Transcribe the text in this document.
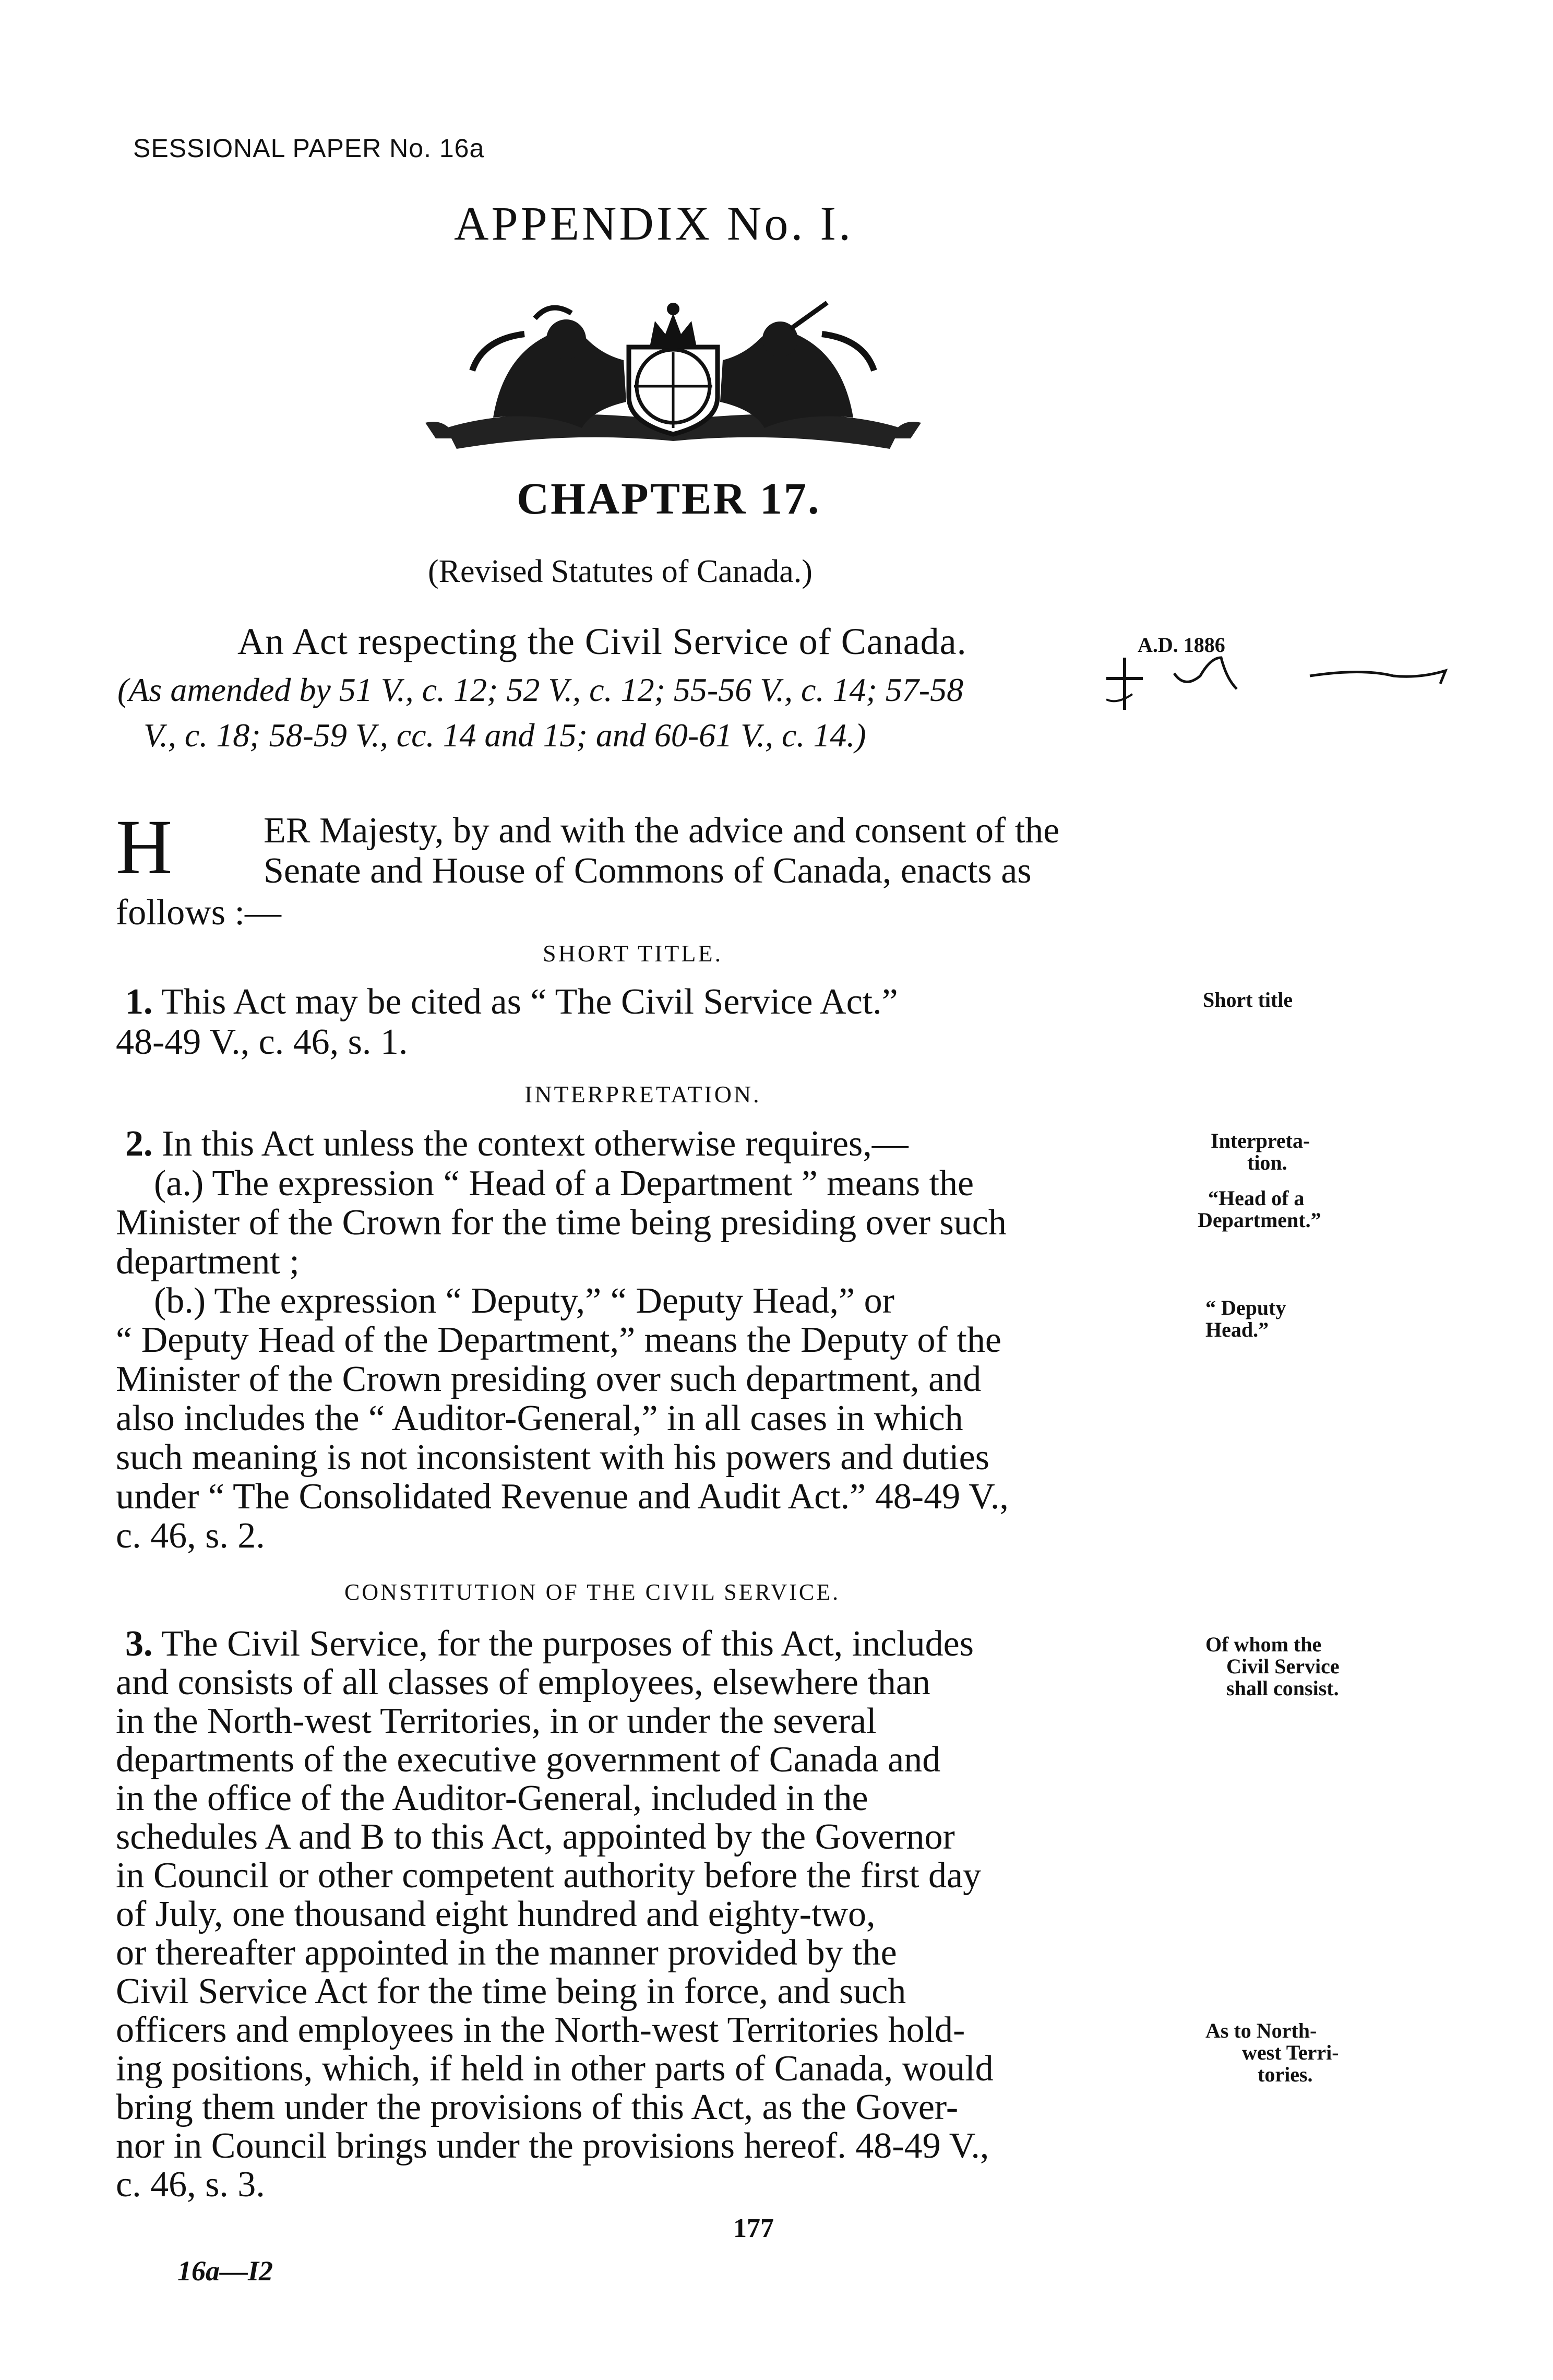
SESSIONAL PAPER No. 16a
APPENDIX No. I.
CHAPTER 17.
(Revised Statutes of Canada.)
An Act respecting the Civil Service of Canada.	A.D. 1886
(As amended by 51 V., c. 12; 52 V., c. 12; 55-56 V., c. 14; 57-58
V., c. 18; 58-59 V., cc. 14 and 15; and 60-61 V., c. 14.)
H ER Majesty, by and with the advice and consent of the
Senate and House of Commons of Canada, enacts as
follows :—
SHORT TITLE.
1. This Act may be cited as “ The Civil Service Act.”
48-49 V., c. 46, s. 1.
Short title
INTERPRETATION.
2. In this Act unless the context otherwise requires,—
(a.) The expression “ Head of a Department ” means the
Minister of the Crown for the time being presiding over such
department ;
(b.) The expression “ Deputy,” “ Deputy Head,” or
“ Deputy Head of the Department,” means the Deputy of the
Minister of the Crown presiding over such department, and
also includes the “ Auditor-General,” in all cases in which
such meaning is not inconsistent with his powers and duties
under “ The Consolidated Revenue and Audit Act.” 48-49 V.,
c. 46, s. 2.
Interpreta-
tion.
“Head of a
Department.”
“ Deputy
Head.”
CONSTITUTION OF THE CIVIL SERVICE.
3. The Civil Service, for the purposes of this Act, includes
and consists of all classes of employees, elsewhere than
in the North-west Territories, in or under the several
departments of the executive government of Canada and
in the office of the Auditor-General, included in the
schedules A and B to this Act, appointed by the Governor
in Council or other competent authority before the first day
of July, one thousand eight hundred and eighty-two,
or thereafter appointed in the manner provided by the
Civil Service Act for the time being in force, and such
officers and employees in the North-west Territories hold-
ing positions, which, if held in other parts of Canada, would
bring them under the provisions of this Act, as the Gover-
nor in Council brings under the provisions hereof. 48-49 V.,
c. 46, s. 3.
Of whom the
Civil Service
shall consist.
As to North-
west Terri-
tories.
177
16a—I2
